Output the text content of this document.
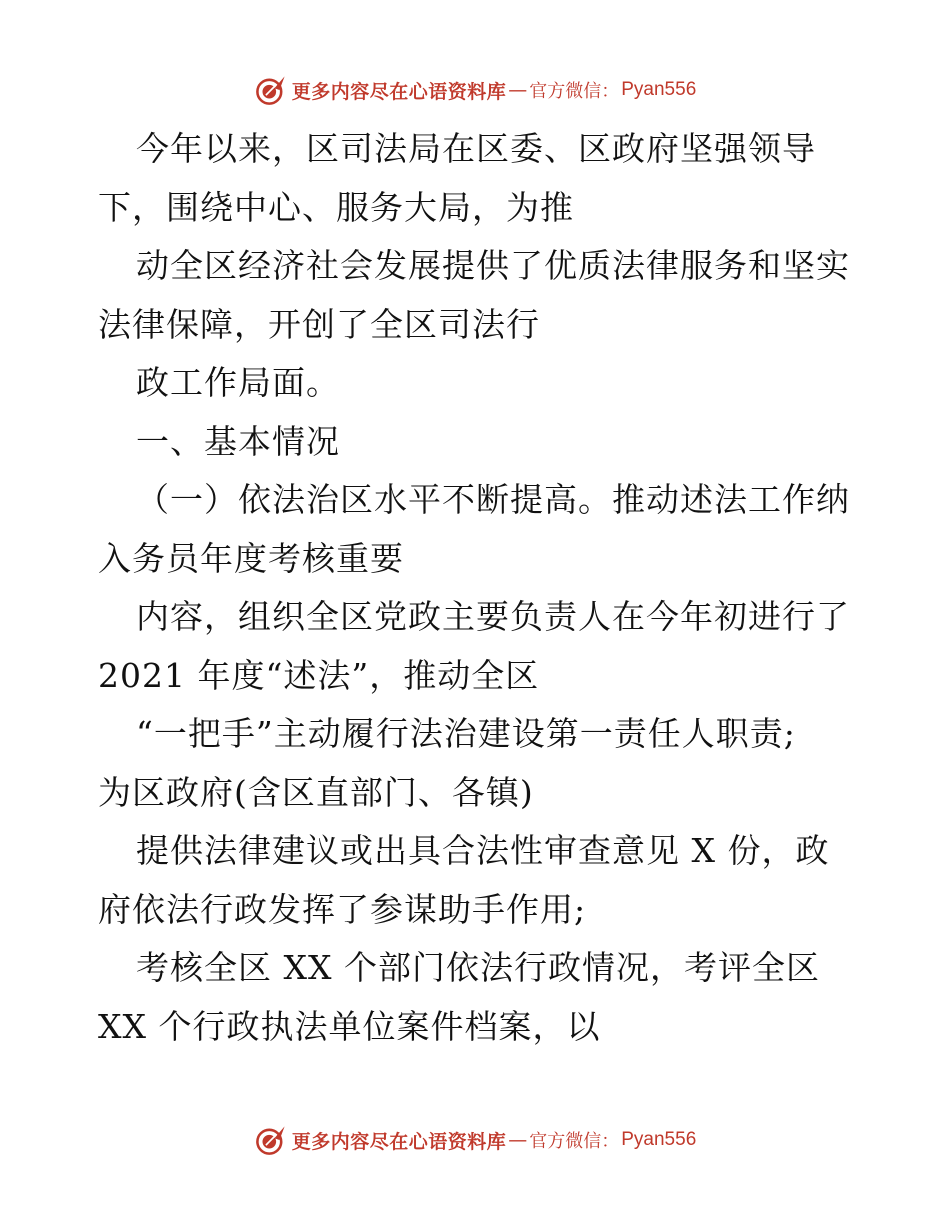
更多内容尽在心语资料库 — 官方微信： Pyan556
今年以来，区司法局在区委、区政府坚强领导
下，围绕中心、服务大局，为推
动全区经济社会发展提供了优质法律服务和坚实
法律保障，开创了全区司法行
政工作局面。
一、基本情况
（一）依法治区水平不断提高。推动述法工作纳
入务员年度考核重要
内容，组织全区党政主要负责人在今年初进行了
2021 年度“述法”，推动全区
“一把手”主动履行法治建设第一责任人职责;
为区政府(含区直部门、各镇)
提供法律建议或出具合法性审查意见 X 份，政
府依法行政发挥了参谋助手作用;
考核全区 XX 个部门依法行政情况，考评全区
XX 个行政执法单位案件档案，以
更多内容尽在心语资料库 — 官方微信： Pyan556
